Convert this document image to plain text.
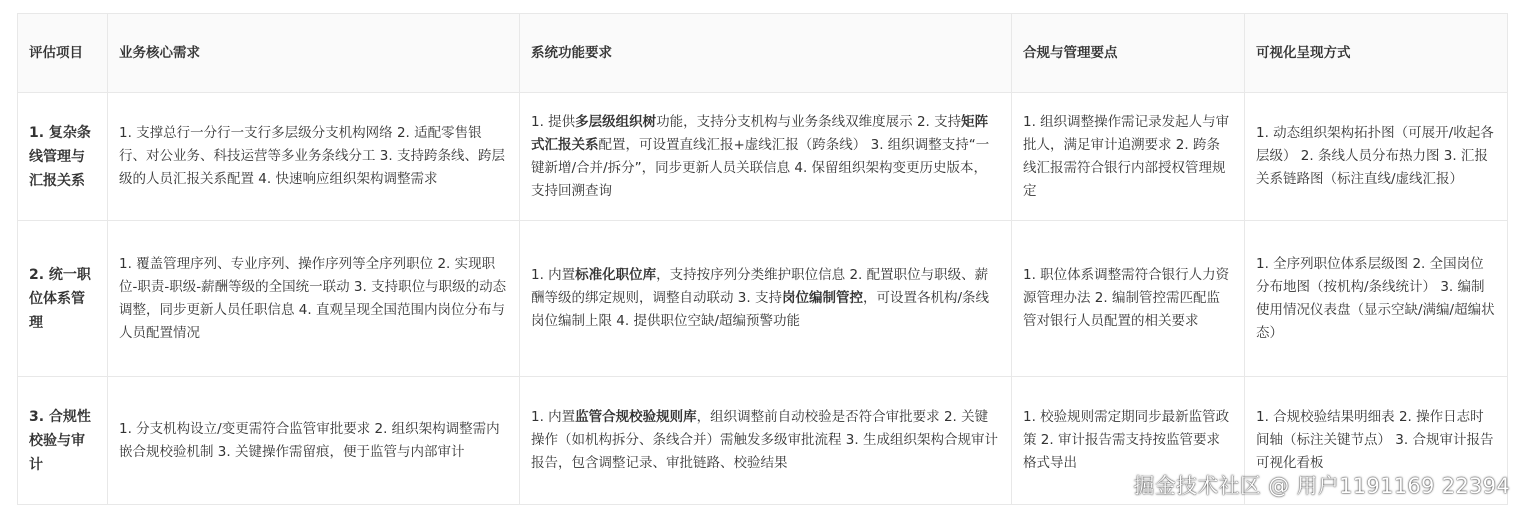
评估项目	业务核心需求	系统功能要求	合规与管理要点	可视化呈现方式
1. 复杂条线管理与汇报关系	1. 支撑总行一分行一支行多层级分支机构网络 2. 适配零售银行、对公业务、科技运营等多业务条线分工 3. 支持跨条线、跨层级的人员汇报关系配置 4. 快速响应组织架构调整需求	1. 提供多层级组织树功能，支持分支机构与业务条线双维度展示 2. 支持矩阵式汇报关系配置，可设置直线汇报+虚线汇报（跨条线） 3. 组织调整支持“一键新增/合并/拆分”，同步更新人员关联信息 4. 保留组织架构变更历史版本，支持回溯查询	1. 组织调整操作需记录发起人与审批人，满足审计追溯要求 2. 跨条线汇报需符合银行内部授权管理规定	1. 动态组织架构拓扑图（可展开/收起各层级） 2. 条线人员分布热力图 3. 汇报关系链路图（标注直线/虚线汇报）
2. 统一职位体系管理	1. 覆盖管理序列、专业序列、操作序列等全序列职位 2. 实现职位-职责-职级-薪酬等级的全国统一联动 3. 支持职位与职级的动态调整，同步更新人员任职信息 4. 直观呈现全国范围内岗位分布与人员配置情况	1. 内置标准化职位库，支持按序列分类维护职位信息 2. 配置职位与职级、薪酬等级的绑定规则，调整自动联动 3. 支持岗位编制管控，可设置各机构/条线岗位编制上限 4. 提供职位空缺/超编预警功能	1. 职位体系调整需符合银行人力资源管理办法 2. 编制管控需匹配监管对银行人员配置的相关要求	1. 全序列职位体系层级图 2. 全国岗位分布地图（按机构/条线统计） 3. 编制使用情况仪表盘（显示空缺/满编/超编状态）
3. 合规性校验与审计	1. 分支机构设立/变更需符合监管审批要求 2. 组织架构调整需内嵌合规校验机制 3. 关键操作需留痕，便于监管与内部审计	1. 内置监管合规校验规则库，组织调整前自动校验是否符合审批要求 2. 关键操作（如机构拆分、条线合并）需触发多级审批流程 3. 生成组织架构合规审计报告，包含调整记录、审批链路、校验结果	1. 校验规则需定期同步最新监管政策 2. 审计报告需支持按监管要求格式导出	1. 合规校验结果明细表 2. 操作日志时间轴（标注关键节点） 3. 合规审计报告可视化看板
掘金技术社区 @ 用户1191169 22394
